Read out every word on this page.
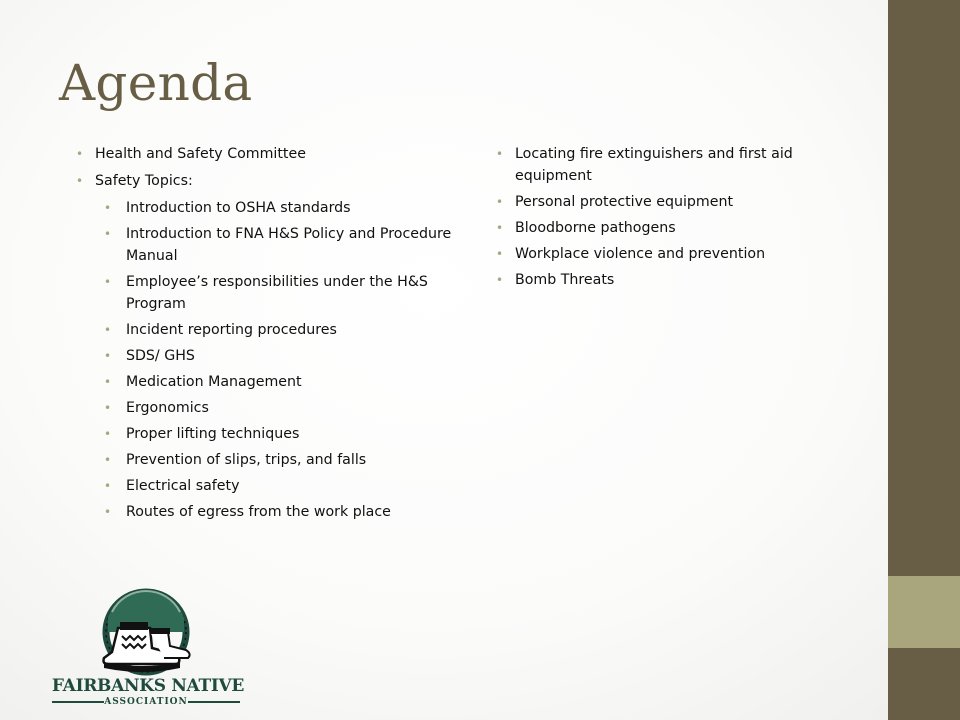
Agenda
• Health and Safety Committee
• Safety Topics:
• Introduction to OSHA standards
• Introduction to FNA H&S Policy and Procedure Manual
• Employee’s responsibilities under the H&S Program
• Incident reporting procedures
• SDS/ GHS
• Medication Management
• Ergonomics
• Proper lifting techniques
• Prevention of slips, trips, and falls
• Electrical safety
• Routes of egress from the work place
• Locating fire extinguishers and first aid equipment
• Personal protective equipment
• Bloodborne pathogens
• Workplace violence and prevention
• Bomb Threats
FAIRBANKS NATIVE
ASSOCIATION
